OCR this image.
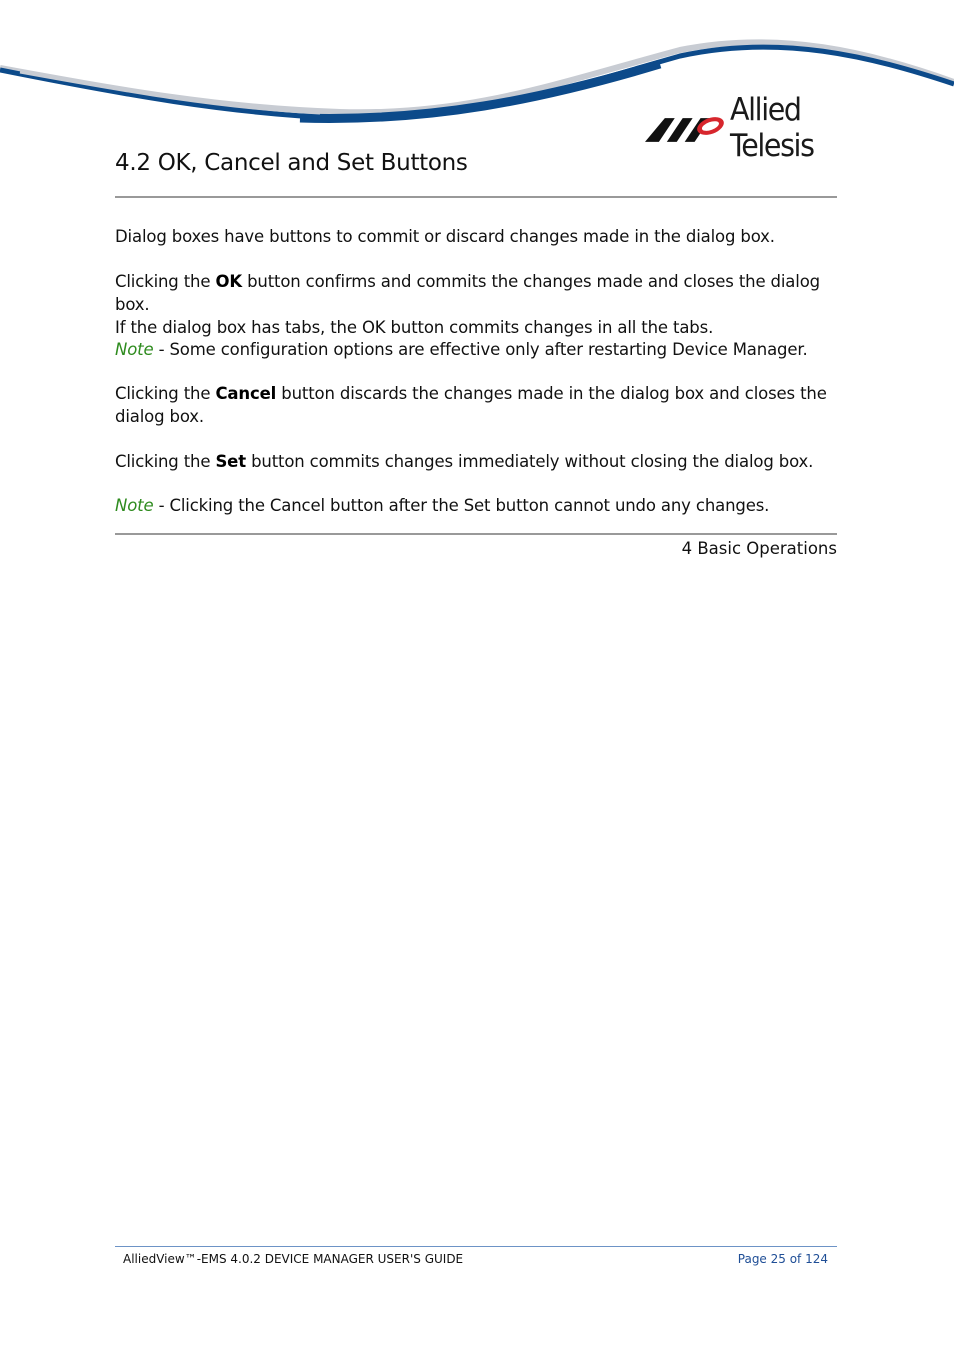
Allied Telesis
4.2 OK, Cancel and Set Buttons

Dialog boxes have buttons to commit or discard changes made in the dialog box.

Clicking the OK button confirms and commits the changes made and closes the dialog box.
If the dialog box has tabs, the OK button commits changes in all the tabs.

Note - Some configuration options are effective only after restarting Device Manager.

Clicking the Cancel button discards the changes made in the dialog box and closes the dialog box.

Clicking the Set button commits changes immediately without closing the dialog box.

Note - Clicking the Cancel button after the Set button cannot undo any changes.

4 Basic Operations
AlliedView™-EMS 4.0.2 DEVICE MANAGER USER'S GUIDE	Page 25 of 124
